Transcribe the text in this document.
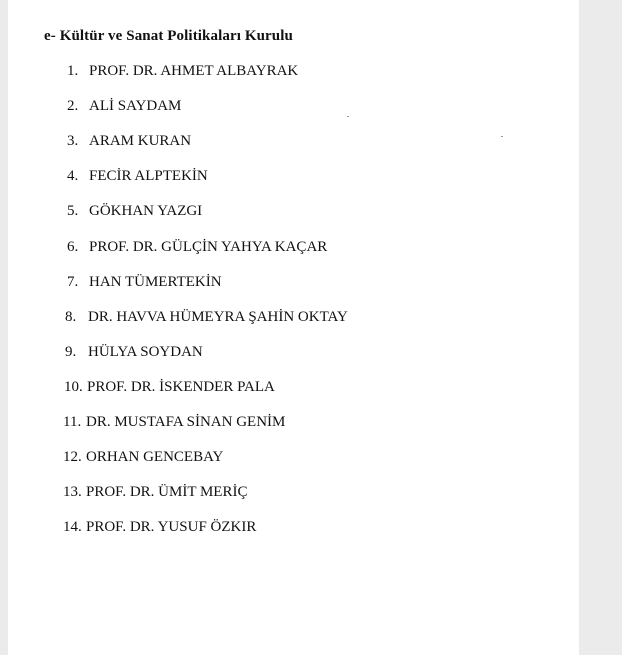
e- Kültür ve Sanat Politikaları Kurulu
1. PROF. DR. AHMET ALBAYRAK
2. ALİ SAYDAM
3. ARAM KURAN
4. FECİR ALPTEKİN
5. GÖKHAN YAZGI
6. PROF. DR. GÜLÇİN YAHYA KAÇAR
7. HAN TÜMERTEKİN
8. DR. HAVVA HÜMEYRA ŞAHİN OKTAY
9. HÜLYA SOYDAN
10. PROF. DR. İSKENDER PALA
11. DR. MUSTAFA SİNAN GENİM
12. ORHAN GENCEBAY
13. PROF. DR. ÜMİT MERİÇ
14. PROF. DR. YUSUF ÖZKIR
